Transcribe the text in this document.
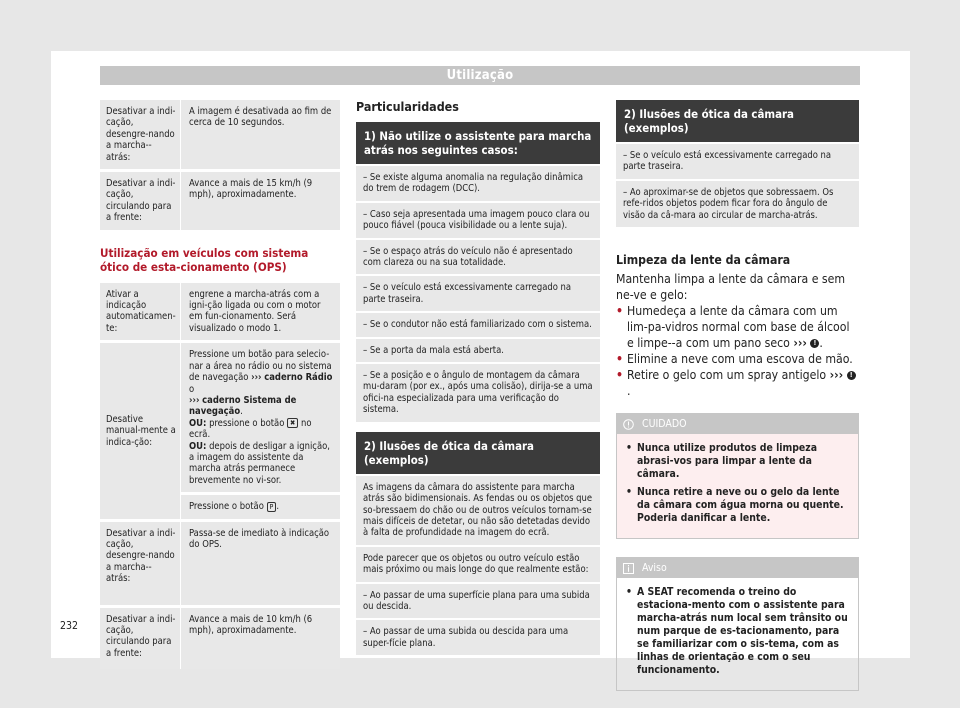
Utilização
Desativar a indi-cação, desengre-nando a marcha--atrás:
A imagem é desativada ao fim de cerca de 10 segundos.
Desativar a indi-cação, circulando para a frente:
Avance a mais de 15 km/h (9 mph), aproximadamente.
Utilização em veículos com sistema ótico de esta-cionamento (OPS)
Ativar a indicação automaticamen-te:
engrene a marcha-atrás com a igni-ção ligada ou com o motor em fun-cionamento. Será visualizado o modo 1.
Desative manual-mente a indica-ção:
Pressione um botão para selecio-nar a área no rádio ou no sistema de navegação ››› caderno Rádio o
››› caderno Sistema de navegação.
OU: pressione o botão ✖ no ecrã.
OU: depois de desligar a ignição, a imagem do assistente da marcha atrás permanece brevemente no vi-sor.
Pressione o botão P .
Desativar a indi-cação, desengre-nando a marcha--atrás:
Passa-se de imediato à indicação do OPS.
Desativar a indi-cação, circulando para a frente:
Avance a mais de 10 km/h (6 mph), aproximadamente.
Particularidades
1) Não utilize o assistente para marcha atrás nos seguintes casos:
– Se existe alguma anomalia na regulação dinâmica do trem de rodagem (DCC).
– Caso seja apresentada uma imagem pouco clara ou pouco fiável (pouca visibilidade ou a lente suja).
– Se o espaço atrás do veículo não é apresentado com clareza ou na sua totalidade.
– Se o veículo está excessivamente carregado na parte traseira.
– Se o condutor não está familiarizado com o sistema.
– Se a porta da mala está aberta.
– Se a posição e o ângulo de montagem da câmara mu-daram (por ex., após uma colisão), dirija-se a uma ofici-na especializada para uma verificação do sistema.
2) Ilusões de ótica da câmara (exemplos)
As imagens da câmara do assistente para marcha atrás são bidimensionais. As fendas ou os objetos que so-bressaem do chão ou de outros veículos tornam-se mais difíceis de detetar, ou não são detetadas devido à falta de profundidade na imagem do ecrã.
Pode parecer que os objetos ou outro veículo estão mais próximo ou mais longe do que realmente estão:
– Ao passar de uma superfície plana para uma subida ou descida.
– Ao passar de uma subida ou descida para uma super-fície plana.
2) Ilusões de ótica da câmara (exemplos)
– Se o veículo está excessivamente carregado na parte traseira.
– Ao aproximar-se de objetos que sobressaem. Os refe-ridos objetos podem ficar fora do ângulo de visão da câ-mara ao circular de marcha-atrás.
Limpeza da lente da câmara
Mantenha limpa a lente da câmara e sem ne-ve e gelo:
• Humedeça a lente da câmara com um lim-pa-vidros normal com base de álcool e limpe--a com um pano seco ››› ! .
• Elimine a neve com uma escova de mão.
• Retire o gelo com um spray antigelo ››› !.
CUIDADO
• Nunca utilize produtos de limpeza abrasi-vos para limpar a lente da câmara.
• Nunca retire a neve ou o gelo da lente da câmara com água morna ou quente. Poderia danificar a lente.
Aviso
• A SEAT recomenda o treino do estaciona-mento com o assistente para marcha-atrás num local sem trânsito ou num parque de es-tacionamento, para se familiarizar com o sis-tema, com as linhas de orientação e com o seu funcionamento.
232
